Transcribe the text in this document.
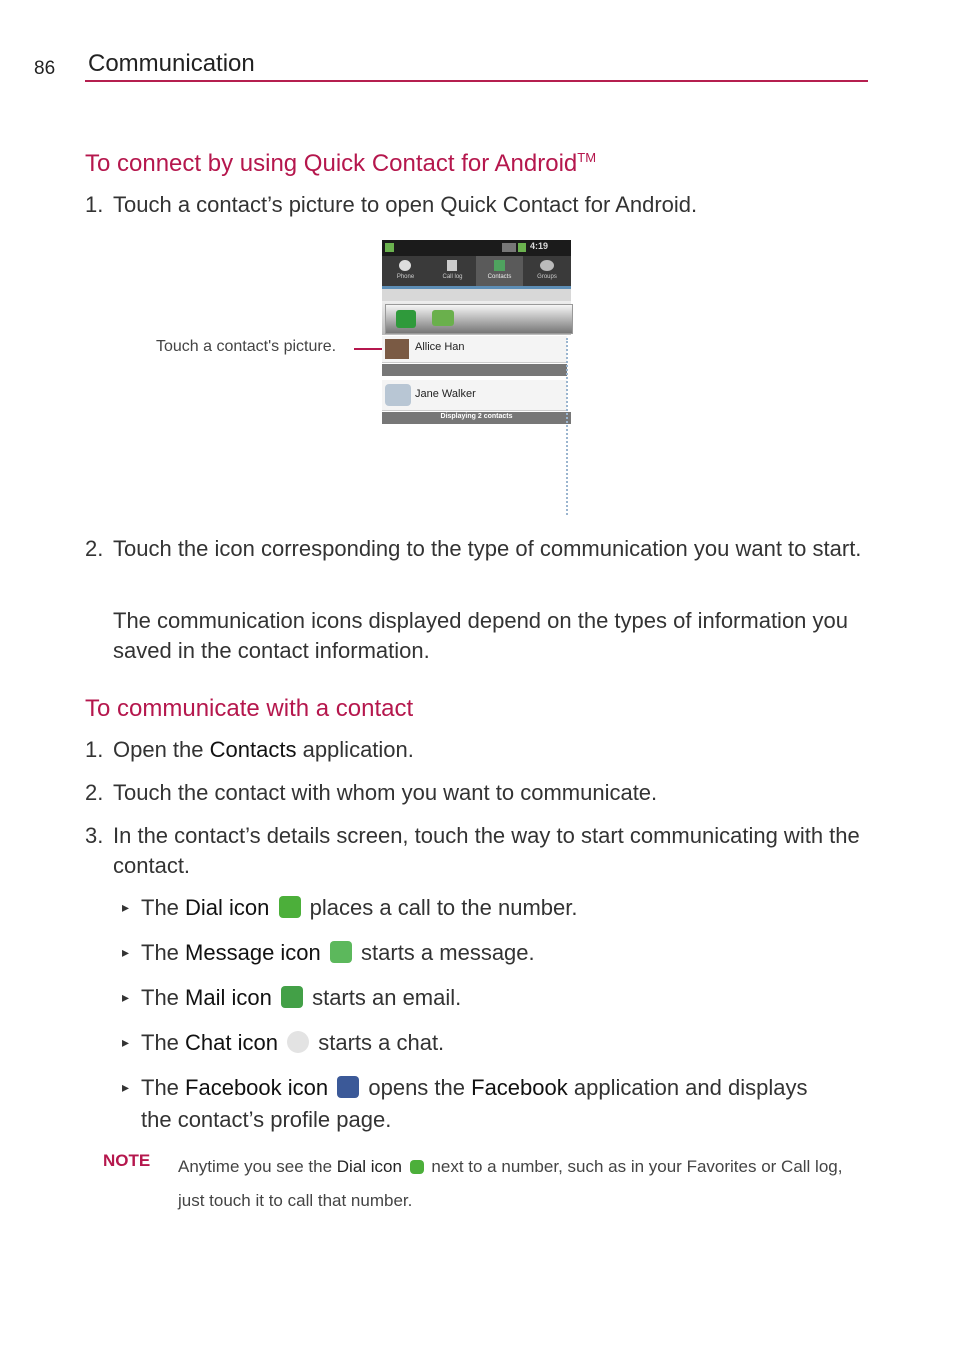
86 Communication
To connect by using Quick Contact for Android™
1. Touch a contact’s picture to open Quick Contact for Android.
Touch a contact's picture.
4:19
Phone	Call log	Contacts	Groups
Allice Han
Jane Walker
Displaying 2 contacts
2. Touch the icon corresponding to the type of communication you want to start.
The communication icons displayed depend on the types of information you saved in the contact information.
To communicate with a contact
1. Open the Contacts application.
2. Touch the contact with whom you want to communicate.
3. In the contact’s details screen, touch the way to start communicating with the contact.
▸ The Dial icon  places a call to the number.
▸ The Message icon  starts a message.
▸ The Mail icon  starts an email.
▸ The Chat icon  starts a chat.
▸ The Facebook icon  opens the Facebook application and displays
the contact’s profile page.
NOTE Anytime you see the Dial icon  next to a number, such as in your Favorites or Call log,
just touch it to call that number.
